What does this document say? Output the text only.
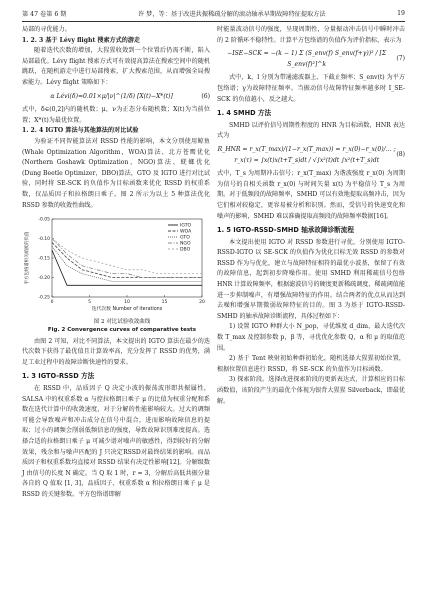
第 47 卷第 6 期	许 梦，等：基于改进共振稀疏分解的滚动轴承早期故障特征提取方法	19

局部的寻优能力。

1. 2. 3 基于 Lévy flight 搜索方式的游走

随着迭代次数的增加，大猩猩收敛到一个位置后仍需不断，陷入局部最优。Lévy flight 搜索方式可有效提高算法在搜索空间中的随机跳跃，在随机游走中进行局部搜索，扩大搜索范围，从而增强全局搜索能力。Lévy flight 策略如下：

α Lévi(δ)=0.01×μ/|ν|^(1/δ) [X(t)−X*(t)]	(6)

式中，δ∈(0,2]内的随机数；μ，ν为正态分布随机数；X(t)为当前位置；X*(t)为最优位置。

1. 2. 4 IGTO 算法与其他算法的对比试验

为验证不同智能算法对 RSSD 性能的影响，本文分别使用鲸鱼(Whale Optimization Algorithm，WOA)算法、北方苍鹰优化(Northern Goshawk Optimization，NGO)算法、蜣螂优化(Dung Beetle Optimizer，DBO)算法，GTO 及 IGTO 进行对比试验，同时将 SE-SCK 的负值作为目标函数来优化 RSSD 的权重系数，仅品质因子和拉格朗日乘子。图 2 所示为以上 5 种算法优化 RSSD 参数的收敛性曲线。

0	5	10	15	20
-0.25
-0.20
-0.15
-0.10
-0.05
迭代次数 Number of iterations
平方包络谱相关峭度的负值
IGTO
WOA
GTO
NGO
DBO

图 2 对比试验收敛曲线

Fig. 2 Convergence curves of comparative tests

由图 2 可知，对比不同算法，本文提出的 IGTO 算法在最少的迭代次数下获得了最优值且计算效率高，充分发挥了 RSSD 的优势，满足工业过程中的故障诊断快速性的要求。

1. 3 IGTO-RSSD 方法

在 RSSD 中，品质因子 Q 决定小波的振荡波形即共振属性，SALSA 中的权重系数 α 与控拉格朗日乘子 μ 的比值为权重分配和系数在迭代计算中的收敛速度，对于分解的性能影响较大。过大的调频可能会导致噪声和冲击成分在信号中混合，进而影响故障信息的提取；过小的调频会削弱低频信息的强度，导致故障识别难度提高。选择合适的拉格朗日乘子 μ 可减少谱对噪声的敏感性，得到较好的分解效果，残余和与噪声匹配的 J 只决定RSSD对最终结果的影响。而品质因子和权重系数均直接对 RSSD 结果有决定性影响[12]。分解级数 J 由信号的长度 N 确定。当 Q 取 1 时，r = 3，分解后高低共振分量各自的 Q 值取 [1, 3]，品质因子、权重系数 α 和拉格朗日乘子 μ 是 RSSD 的关键参数。平方包络谱即解

时能量波动信号的强度，呈现周期性，分量振动冲击信号中瞬时冲击的 2 阶循环不稳特性。计算平方包络谱的负值作为评价指标，表示为

−ISE−SCK = −(k − 1) Σ (S_env(f) S_env(f+γ))² / [Σ S_env(f)²]^k
(7)

式中，k，l 分别为带通滤波器上、下截止频率；S_env(t) 为平方包络谱；γ为故障特征频率。当振动信号故障特征频率越多时 I_SE-SCK 的负值越小，反之越大。

1. 4 SMHD 方法

SMHD 以评价信号周期性程度的 HNR 为目标函数，HNR 表达式为

R_HNR = r_x(T_max)/(1−r_x(T_max)) = r_x(0)−r_x(0)/… ; r_x(τ) = ∫x(t)x(t+T_s)dt / √∫x²(t)dt ∫x²(t+T_s)dt
(8)

式中，T_s 为周期冲击信号；r_x(T_max) 为谐波强度 r_x(0) 为周期为信号的自相关函数 r_x(0) 与时间矢量 x(t) 为平稳信号 T_s 为周期。对于低频段的故障频率，SMHD 可以有效地提取高频冲击，因为它们相对较稳定，更容易被分析和识别。然而，受信号的快速变化和噪声的影响，SMHD 难以准确提取高频段的故障频率数据[16]。

1. 5 IGTO-RSSD-SMHD 轴承故障诊断流程

本文提出使用 IGTO 对 RSSD 参数进行寻优，分别使用 IGTO-RSSD-IGTO 以 SE-SCK 的负值作为优化目标无效 RSSD 的参数对 RSSD 作为与优化，建立与故障特征相符的最优小波基，保留了有效的故障信息，起到初步降噪作用。使用 SMHD 利用稀疏信号包络 HNR 计算故障频率，根据滤波信号的硬度更新稀疏调度，稀疏阈值能进一步抑制噪声，有增强故障特征的作用。结合两者的优点从而达到去噪和增强早期微弱故障特征的目的。图 3 为基于 IGTO-RSSD-SMHD 的轴承故障诊断流程，具体过程如下：

1) 设置 IGTO 种群大小 N_pop，寻优维度 d_dim，最大迭代次数 T_max 及控制参数 p，β 等，寻优优化参数 Q，α 和 μ 的取值范围。

2) 基于 Tent 映射初始种群初始化，随机选择大猩猩初始位置，根据位置信息进行 RSSD，将 SE-SCK 的负值作为目标函数。

3) 探索阶段。选择改进探索阶段的更新表达式，计算相应的目标函数值，该阶段产生的最优个体视为银背大猩猩 Silverback，即最优解。
